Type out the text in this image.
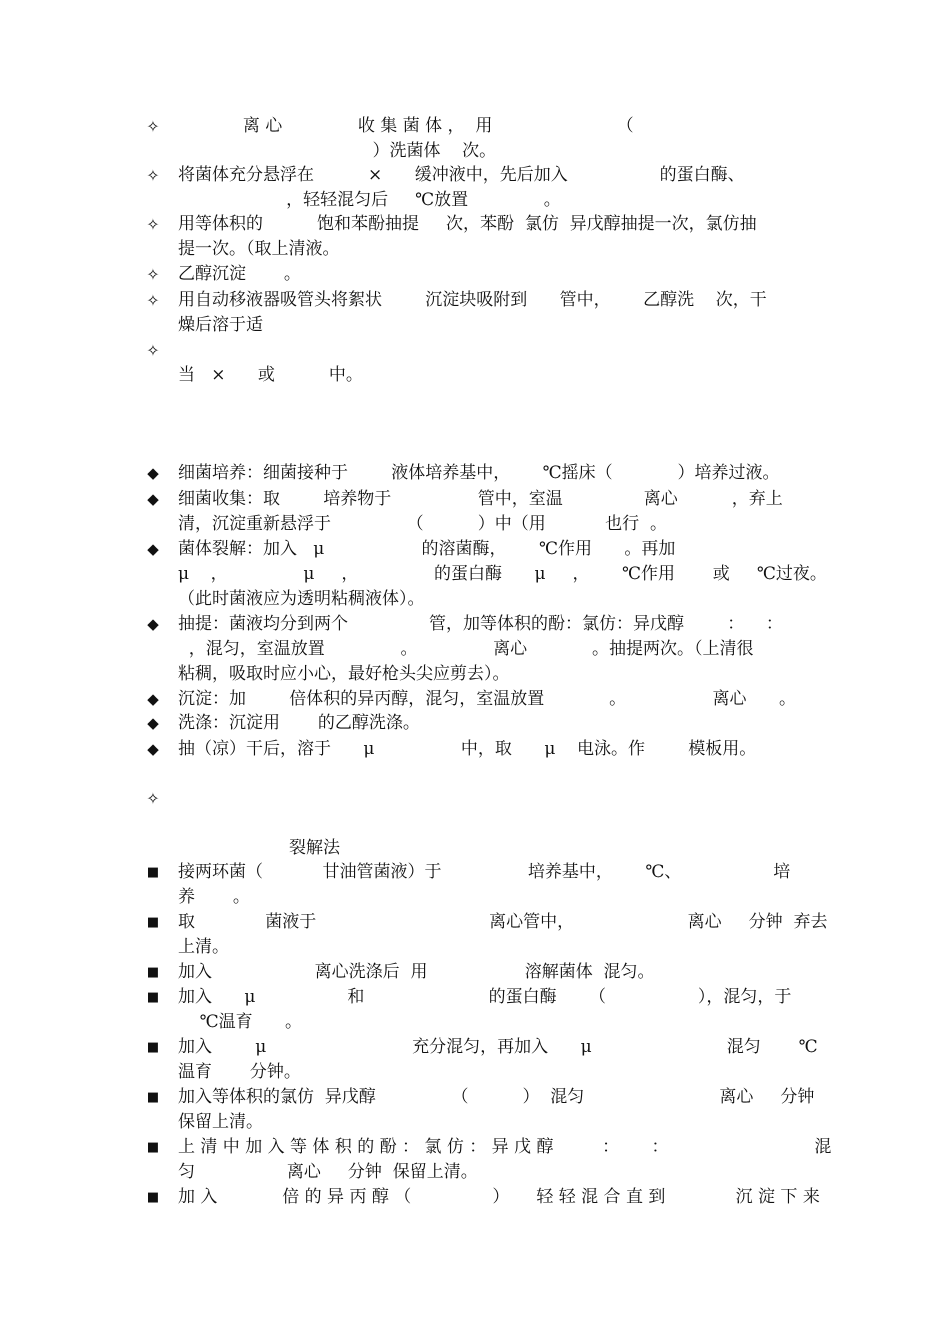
✧ 离 心              收 集 菌 体 ，  用                       （
）洗菌体    次。
✧ 将菌体充分悬浮在          ×      缓冲液中，先后加入                 的蛋白酶、
，轻轻混匀后     ℃放置              。
✧ 用等体积的          饱和苯酚抽提     次，苯酚  氯仿  异戊醇抽提一次，氯仿抽
提一次。（取上清液。
✧ 乙醇沉淀       。
✧ 用自动移液器吸管头将絮状        沉淀块吸附到      管中，      乙醇洗    次，干
燥后溶于适
✧
当   ×      或          中。
◆ 细菌培养：细菌接种于        液体培养基中，      ℃摇床（            ）培养过液。
◆ 细菌收集：取        培养物于                管中，室温               离心          ，弃上
清，沉淀重新悬浮于              （          ）中（用           也行  。
◆ 菌体裂解：加入   μ                  的溶菌酶，      ℃作用      。再加
μ    ，              μ     ，              的蛋白酶      μ     ，      ℃作用       或     ℃过夜。
（此时菌液应为透明粘稠液体）。
◆ 抽提：菌液均分到两个               管，加等体积的酚：氯仿：异戊醇        ：    ：
，混匀，室温放置              。              离心            。抽提两次。（上清很
粘稠，吸取时应小心，最好枪头尖应剪去）。
◆ 沉淀：加        倍体积的异丙醇，混匀，室温放置            。                离心      。
◆ 洗涤：沉淀用       的乙醇洗涤。
◆ 抽（凉）干后，溶于      μ                中，取      μ    电泳。作        模板用。
✧
裂解法
■ 接两环菌（           甘油管菌液）于                培养基中，      ℃、                 培
养       。
■ 取             菌液于                                离心管中，                     离心     分钟  弃去
上清。
■ 加入                   离心洗涤后  用                  溶解菌体  混匀。
■ 加入      μ                 和                       的蛋白酶      （                 ），混匀，于
℃温育      。
■ 加入        μ                           充分混匀，再加入      μ                         混匀       ℃
温育       分钟。
■ 加入等体积的氯仿  异戊醇              （          ）  混匀                         离心     分钟
保留上清。
■ 上 清 中 加 入 等 体 积 的 酚 ： 氯 仿 ： 异 戊 醇         ：      ：                           混
匀                 离心     分钟  保留上清。
■ 加 入            倍 的 异 丙 醇 （               ）     轻 轻 混 合 直 到             沉 淀 下 来
